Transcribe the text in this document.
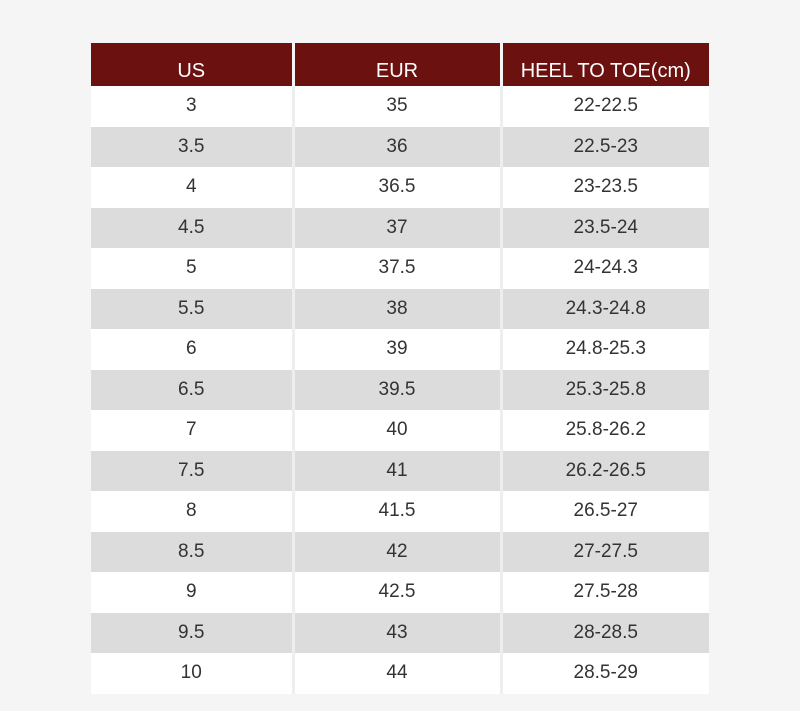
US	EUR	HEEL TO TOE(cm)
3	35	22-22.5
3.5	36	22.5-23
4	36.5	23-23.5
4.5	37	23.5-24
5	37.5	24-24.3
5.5	38	24.3-24.8
6	39	24.8-25.3
6.5	39.5	25.3-25.8
7	40	25.8-26.2
7.5	41	26.2-26.5
8	41.5	26.5-27
8.5	42	27-27.5
9	42.5	27.5-28
9.5	43	28-28.5
10	44	28.5-29
